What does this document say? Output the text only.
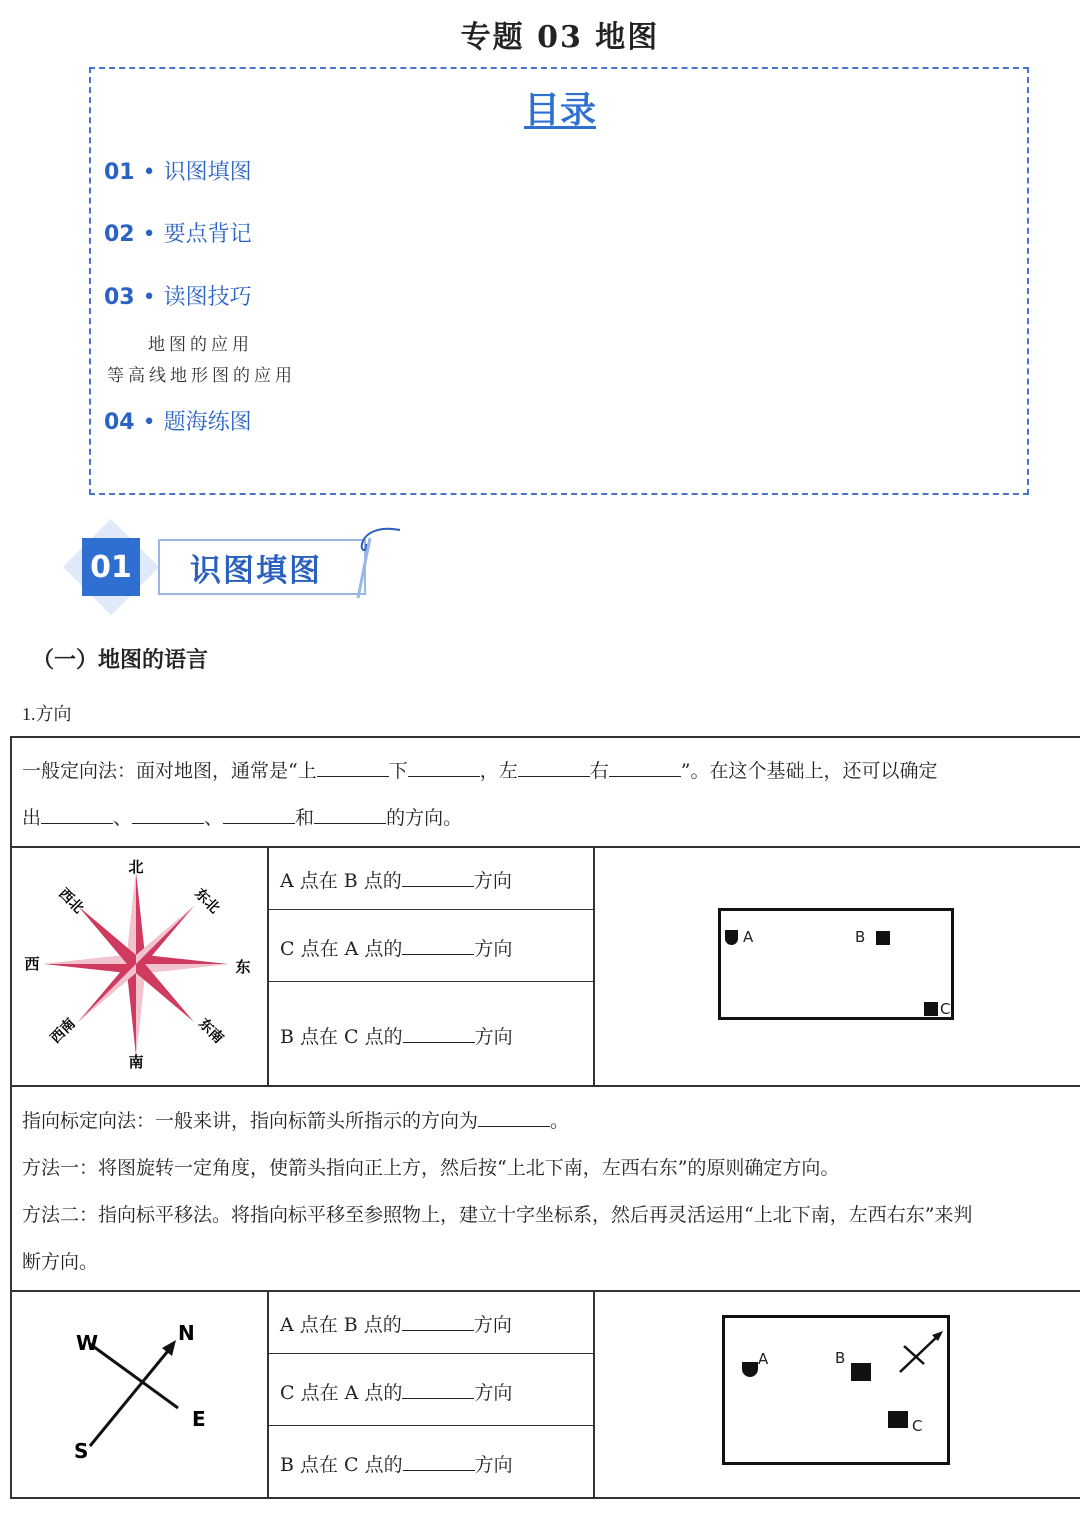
专题 03 地图
目录
01 • 识图填图
02 • 要点背记
03 • 读图技巧
地图的应用
等高线地形图的应用
04 • 题海练图
01	识图填图
（一）地图的语言
1.方向
一般定向法：面对地图，通常是“上	下	，左	右	”。在这个基础上，还可以确定
出	、	、	和	的方向。
北
南
东
西
东北
西北
东南
西南
A 点在 B 点的	方向
C 点在 A 点的	方向
B 点在 C 点的	方向
A	B
C
指向标定向法：一般来讲，指向标箭头所指示的方向为	。
方法一：将图旋转一定角度，使箭头指向正上方，然后按“上北下南，左西右东”的原则确定方向。
方法二：指向标平移法。将指向标平移至参照物上，建立十字坐标系，然后再灵活运用“上北下南，左西右东”来判
断方向。
N
W
E
S
A 点在 B 点的	方向
C 点在 A 点的	方向
B 点在 C 点的	方向
A	B
C
